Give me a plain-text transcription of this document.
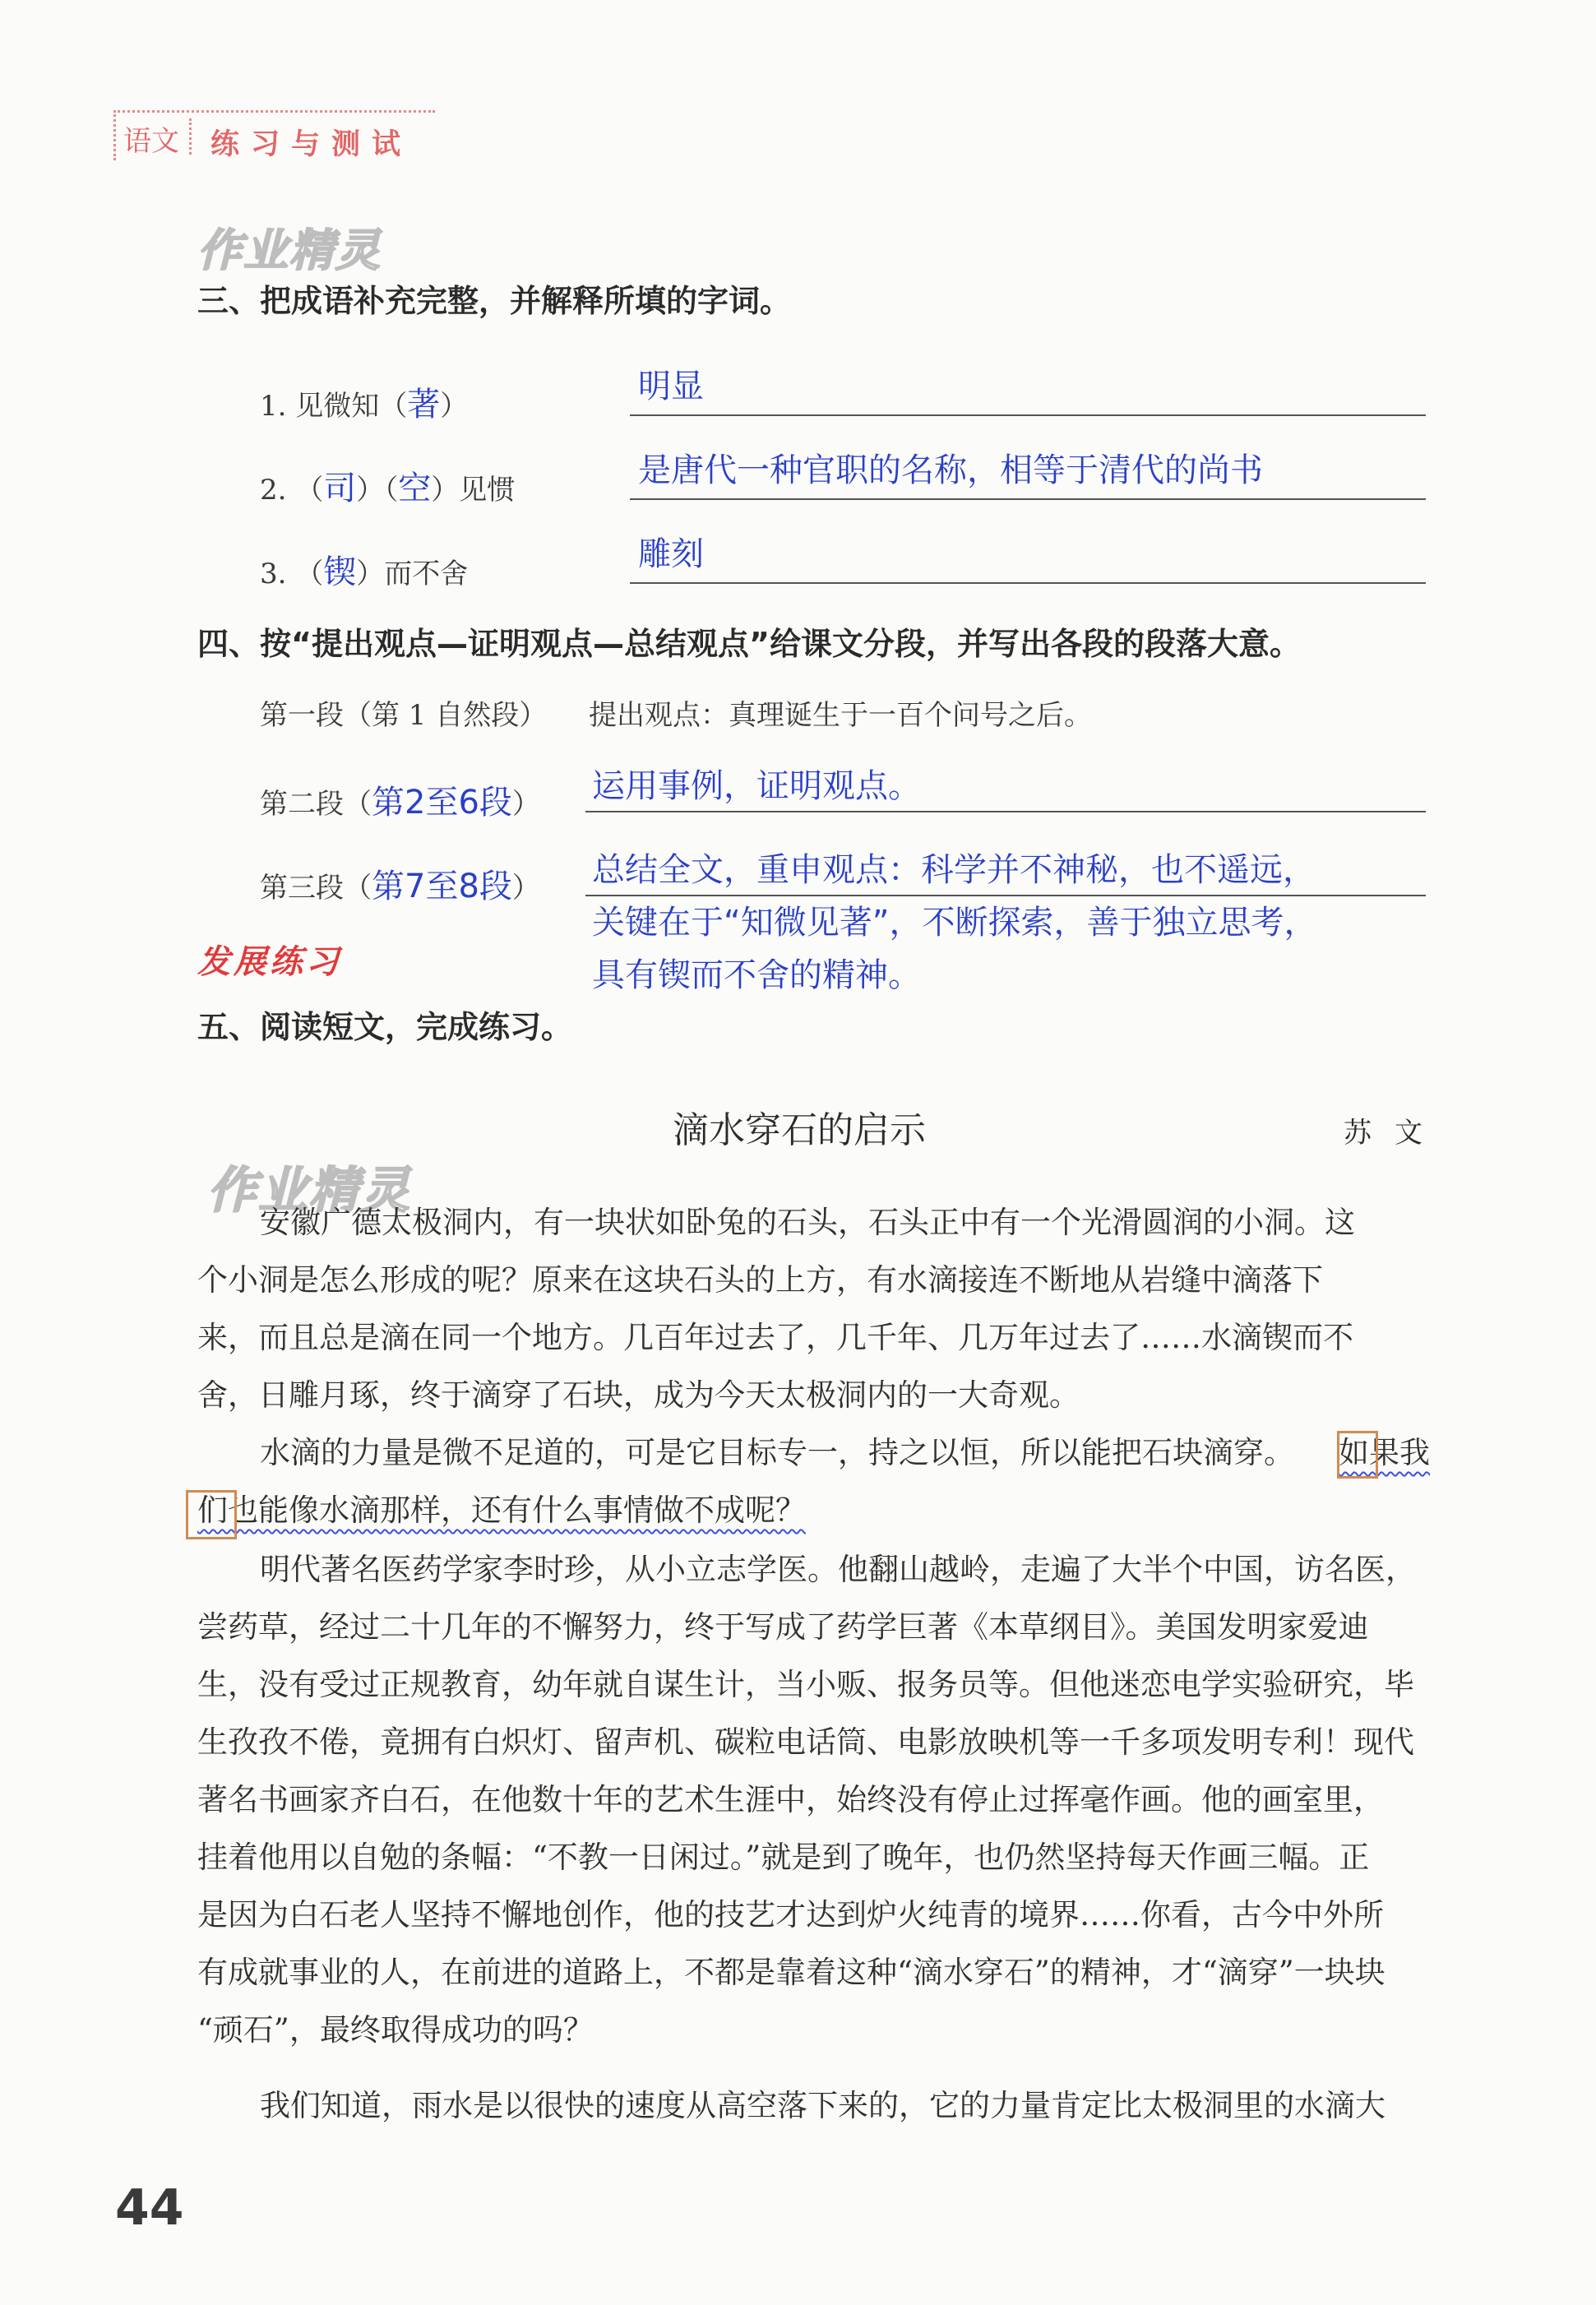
语文 练习与测试
作业精灵
作业精灵
三、把成语补充完整，并解释所填的字词。
1. 见微知（著）
明显
2. （司）（空）见惯
是唐代一种官职的名称，相等于清代的尚书
3. （锲）而不舍
雕刻
四、按“提出观点—证明观点—总结观点”给课文分段，并写出各段的段落大意。
第一段（第 1 自然段） 提出观点：真理诞生于一百个问号之后。
第二段（第2至6段） 运用事例，证明观点。
第三段（第7至8段） 总结全文，重申观点：科学并不神秘，也不遥远，
关键在于“知微见著”，不断探索，善于独立思考，
具有锲而不舍的精神。
发展练习
五、阅读短文，完成练习。
滴水穿石的启示	苏文
安徽广德太极洞内，有一块状如卧兔的石头，石头正中有一个光滑圆润的小洞。这
个小洞是怎么形成的呢？原来在这块石头的上方，有水滴接连不断地从岩缝中滴落下
来，而且总是滴在同一个地方。几百年过去了，几千年、几万年过去了……水滴锲而不
舍，日雕月琢，终于滴穿了石块，成为今天太极洞内的一大奇观。
水滴的力量是微不足道的，可是它目标专一，持之以恒，所以能把石块滴穿。 如果我
们也能像水滴那样，还有什么事情做不成呢？
明代著名医药学家李时珍，从小立志学医。他翻山越岭，走遍了大半个中国，访名医，
尝药草，经过二十几年的不懈努力，终于写成了药学巨著《本草纲目》。美国发明家爱迪
生，没有受过正规教育，幼年就自谋生计，当小贩、报务员等。但他迷恋电学实验研究，毕
生孜孜不倦，竟拥有白炽灯、留声机、碳粒电话筒、电影放映机等一千多项发明专利！现代
著名书画家齐白石，在他数十年的艺术生涯中，始终没有停止过挥毫作画。他的画室里，
挂着他用以自勉的条幅：“不教一日闲过。”就是到了晚年，也仍然坚持每天作画三幅。正
是因为白石老人坚持不懈地创作，他的技艺才达到炉火纯青的境界……你看，古今中外所
有成就事业的人，在前进的道路上，不都是靠着这种“滴水穿石”的精神，才“滴穿”一块块
“顽石”，最终取得成功的吗？
我们知道，雨水是以很快的速度从高空落下来的，它的力量肯定比太极洞里的水滴大
44
